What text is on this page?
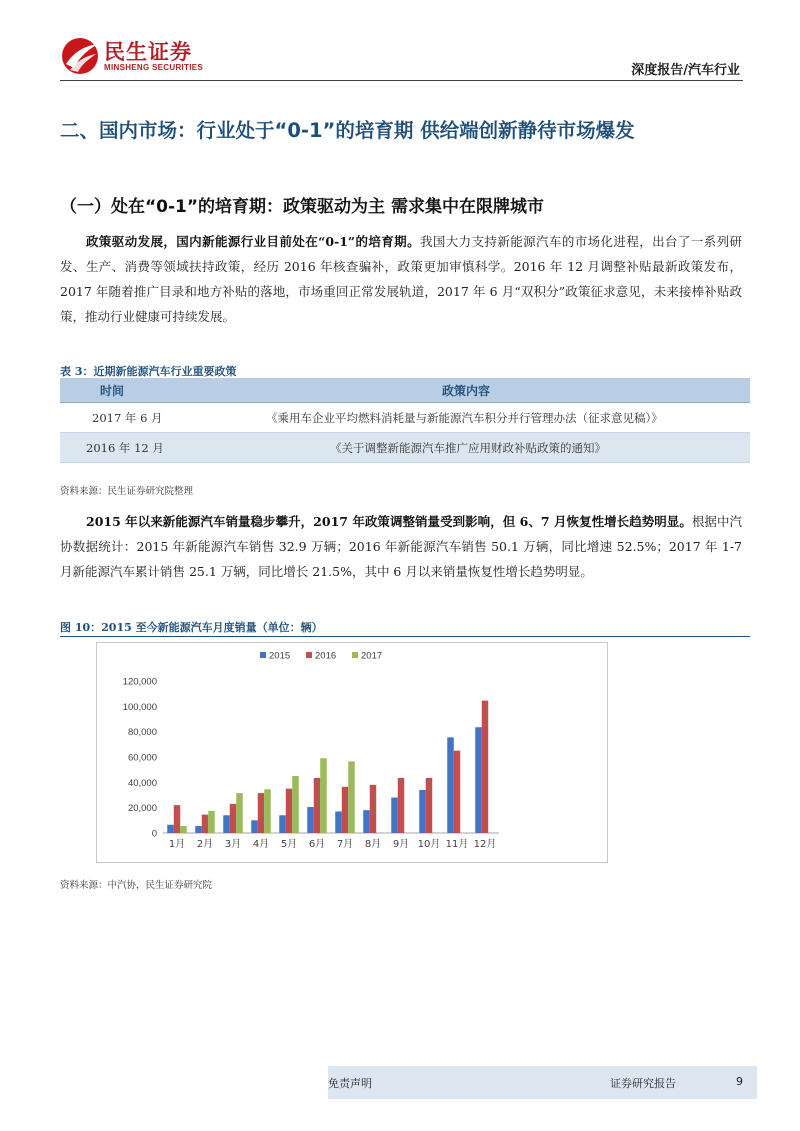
民生证券
MINSHENG SECURITIES	深度报告/汽车行业
二、国内市场：行业处于“0-1”的培育期 供给端创新静待市场爆发
（一）处在“0-1”的培育期：政策驱动为主 需求集中在限牌城市
政策驱动发展，国内新能源行业目前处在“0-1”的培育期。我国大力支持新能源汽车的市场化进程，出台了一系列研发、生产、消费等领域扶持政策，经历 2016 年核查骗补，政策更加审慎科学。2016 年 12 月调整补贴最新政策发布，2017 年随着推广目录和地方补贴的落地，市场重回正常发展轨道，2017 年 6 月“双积分”政策征求意见，未来接棒补贴政策，推动行业健康可持续发展。
表 3：近期新能源汽车行业重要政策
时间	政策内容
2017 年 6 月	《乘用车企业平均燃料消耗量与新能源汽车积分并行管理办法（征求意见稿）》
2016 年 12 月	《关于调整新能源汽车推广应用财政补贴政策的通知》
资料来源：民生证券研究院整理
2015 年以来新能源汽车销量稳步攀升，2017 年政策调整销量受到影响，但 6、7 月恢复性增长趋势明显。根据中汽协数据统计：2015 年新能源汽车销售 32.9 万辆；2016 年新能源汽车销售 50.1 万辆，同比增速 52.5%；2017 年 1-7 月新能源汽车累计销售 25.1 万辆，同比增长 21.5%，其中 6 月以来销量恢复性增长趋势明显。
图 10：2015 至今新能源汽车月度销量（单位：辆）
0
20,000
40,000
60,000
80,000
100,000
120,000
1月 2月 3月 4月 5月 6月 7月 8月 9月 10月 11月 12月
2015	2016	2017
资料来源：中汽协，民生证券研究院
免责声明	证券研究报告	9
